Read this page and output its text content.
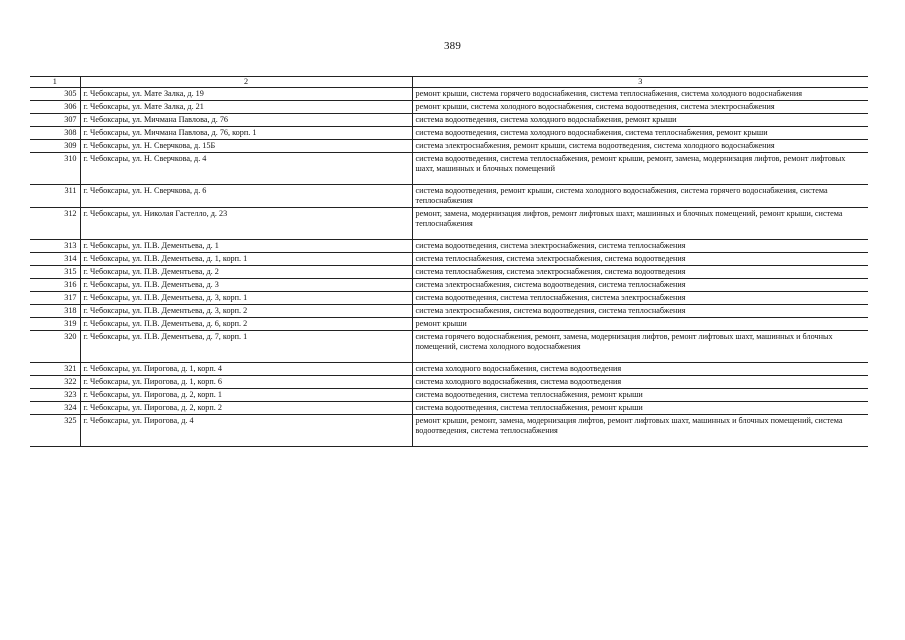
389
1	2	3
305	г. Чебоксары, ул. Мате Залка, д. 19	ремонт крыши, система горячего водоснабжения, система теплоснабжения, система холодного водоснабжения
306	г. Чебоксары, ул. Мате Залка, д. 21	ремонт крыши, система холодного водоснабжения, система водоотведения, система электроснабжения
307	г. Чебоксары, ул. Мичмана Павлова, д. 76	система водоотведения, система холодного водоснабжения, ремонт крыши
308	г. Чебоксары, ул. Мичмана Павлова, д. 76, корп. 1	система водоотведения, система холодного водоснабжения, система теплоснабжения, ремонт крыши
309	г. Чебоксары, ул. Н. Сверчкова, д. 15Б	система электроснабжения, ремонт крыши, система водоотведения, система холодного водоснабжения
310	г. Чебоксары, ул. Н. Сверчкова, д. 4	система водоотведения, система теплоснабжения, ремонт крыши, ремонт, замена, модернизация лифтов, ремонт лифтовых шахт, машинных и блочных помещений
311	г. Чебоксары, ул. Н. Сверчкова, д. 6	система водоотведения, ремонт крыши, система холодного водоснабжения, система горячего водоснабжения, система теплоснабжения
312	г. Чебоксары, ул. Николая Гастелло, д. 23	ремонт, замена, модернизация лифтов, ремонт лифтовых шахт, машинных и блочных помещений, ремонт крыши, система теплоснабжения
313	г. Чебоксары, ул. П.В. Дементьева, д. 1	система водоотведения, система электроснабжения, система теплоснабжения
314	г. Чебоксары, ул. П.В. Дементьева, д. 1, корп. 1	система теплоснабжения, система электроснабжения, система водоотведения
315	г. Чебоксары, ул. П.В. Дементьева, д. 2	система теплоснабжения, система электроснабжения, система водоотведения
316	г. Чебоксары, ул. П.В. Дементьева, д. 3	система электроснабжения, система водоотведения, система теплоснабжения
317	г. Чебоксары, ул. П.В. Дементьева, д. 3, корп. 1	система водоотведения, система теплоснабжения, система электроснабжения
318	г. Чебоксары, ул. П.В. Дементьева, д. 3, корп. 2	система электроснабжения, система водоотведения, система теплоснабжения
319	г. Чебоксары, ул. П.В. Дементьева, д. 6, корп. 2	ремонт крыши
320	г. Чебоксары, ул. П.В. Дементьева, д. 7, корп. 1	система горячего водоснабжения, ремонт, замена, модернизация лифтов, ремонт лифтовых шахт, машинных и блочных помещений, система холодного водоснабжения
321	г. Чебоксары, ул. Пирогова, д. 1, корп. 4	система холодного водоснабжения, система водоотведения
322	г. Чебоксары, ул. Пирогова, д. 1, корп. 6	система холодного водоснабжения, система водоотведения
323	г. Чебоксары, ул. Пирогова, д. 2, корп. 1	система водоотведения, система теплоснабжения, ремонт крыши
324	г. Чебоксары, ул. Пирогова, д. 2, корп. 2	система водоотведения, система теплоснабжения, ремонт крыши
325	г. Чебоксары, ул. Пирогова, д. 4	ремонт крыши, ремонт, замена, модернизация лифтов, ремонт лифтовых шахт, машинных и блочных помещений, система водоотведения, система теплоснабжения
